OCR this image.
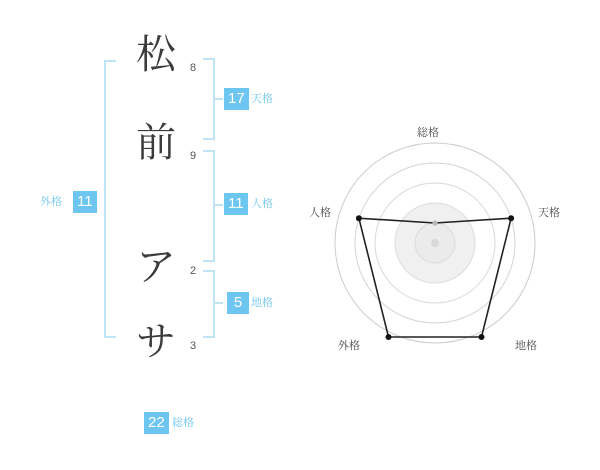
松	8
前	9
ア	2
サ	3
17 天格
11 人格
5 地格
外格 11
22 総格
総格
天格
地格
外格
人格
